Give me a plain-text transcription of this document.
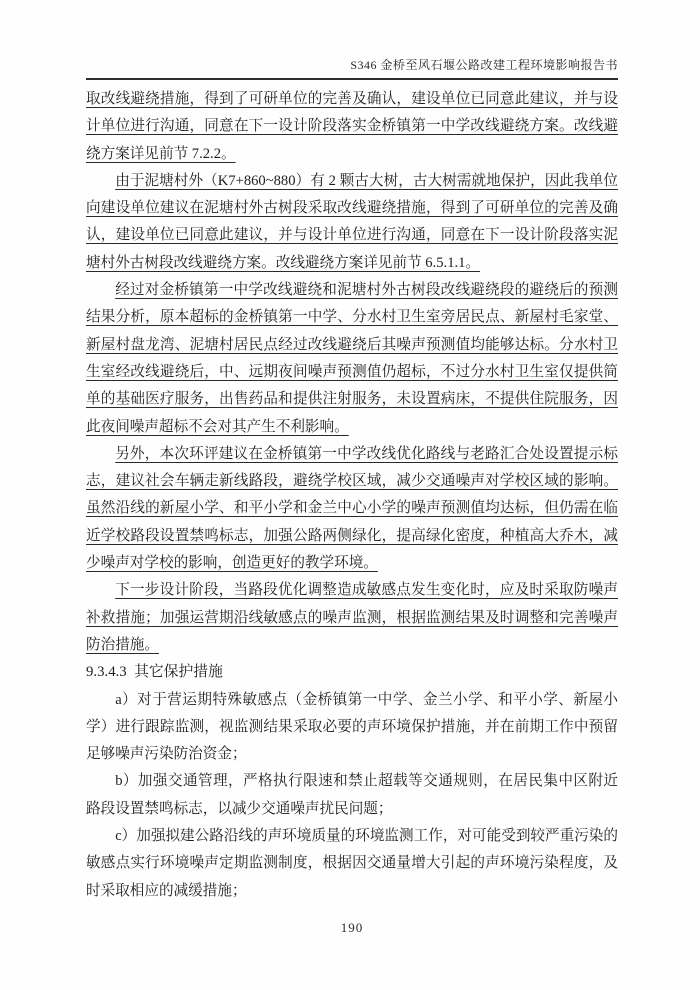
S346 金桥至风石堰公路改建工程环境影响报告书

取改线避绕措施，得到了可研单位的完善及确认，建设单位已同意此建议，并与设计单位进行沟通，同意在下一设计阶段落实金桥镇第一中学改线避绕方案。改线避绕方案详见前节 7.2.2。

由于泥塘村外（K7+860~880）有 2 颗古大树，古大树需就地保护，因此我单位向建设单位建议在泥塘村外古树段采取改线避绕措施，得到了可研单位的完善及确认，建设单位已同意此建议，并与设计单位进行沟通，同意在下一设计阶段落实泥塘村外古树段改线避绕方案。改线避绕方案详见前节 6.5.1.1。

经过对金桥镇第一中学改线避绕和泥塘村外古树段改线避绕段的避绕后的预测结果分析，原本超标的金桥镇第一中学、分水村卫生室旁居民点、新屋村毛家堂、新屋村盘龙湾、泥塘村居民点经过改线避绕后其噪声预测值均能够达标。分水村卫生室经改线避绕后，中、远期夜间噪声预测值仍超标，不过分水村卫生室仅提供简单的基础医疗服务，出售药品和提供注射服务，未设置病床，不提供住院服务，因此夜间噪声超标不会对其产生不利影响。

另外，本次环评建议在金桥镇第一中学改线优化路线与老路汇合处设置提示标志，建议社会车辆走新线路段，避绕学校区域，减少交通噪声对学校区域的影响。虽然沿线的新屋小学、和平小学和金兰中心小学的噪声预测值均达标，但仍需在临近学校路段设置禁鸣标志，加强公路两侧绿化，提高绿化密度，种植高大乔木，减少噪声对学校的影响，创造更好的教学环境。

下一步设计阶段，当路段优化调整造成敏感点发生变化时，应及时采取防噪声补救措施；加强运营期沿线敏感点的噪声监测，根据监测结果及时调整和完善噪声防治措施。

9.3.4.3  其它保护措施

a）对于营运期特殊敏感点（金桥镇第一中学、金兰小学、和平小学、新屋小学）进行跟踪监测，视监测结果采取必要的声环境保护措施，并在前期工作中预留足够噪声污染防治资金；

b）加强交通管理，严格执行限速和禁止超载等交通规则，在居民集中区附近路段设置禁鸣标志，以减少交通噪声扰民问题；

c）加强拟建公路沿线的声环境质量的环境监测工作，对可能受到较严重污染的敏感点实行环境噪声定期监测制度，根据因交通量增大引起的声环境污染程度，及时采取相应的减缓措施；

190
